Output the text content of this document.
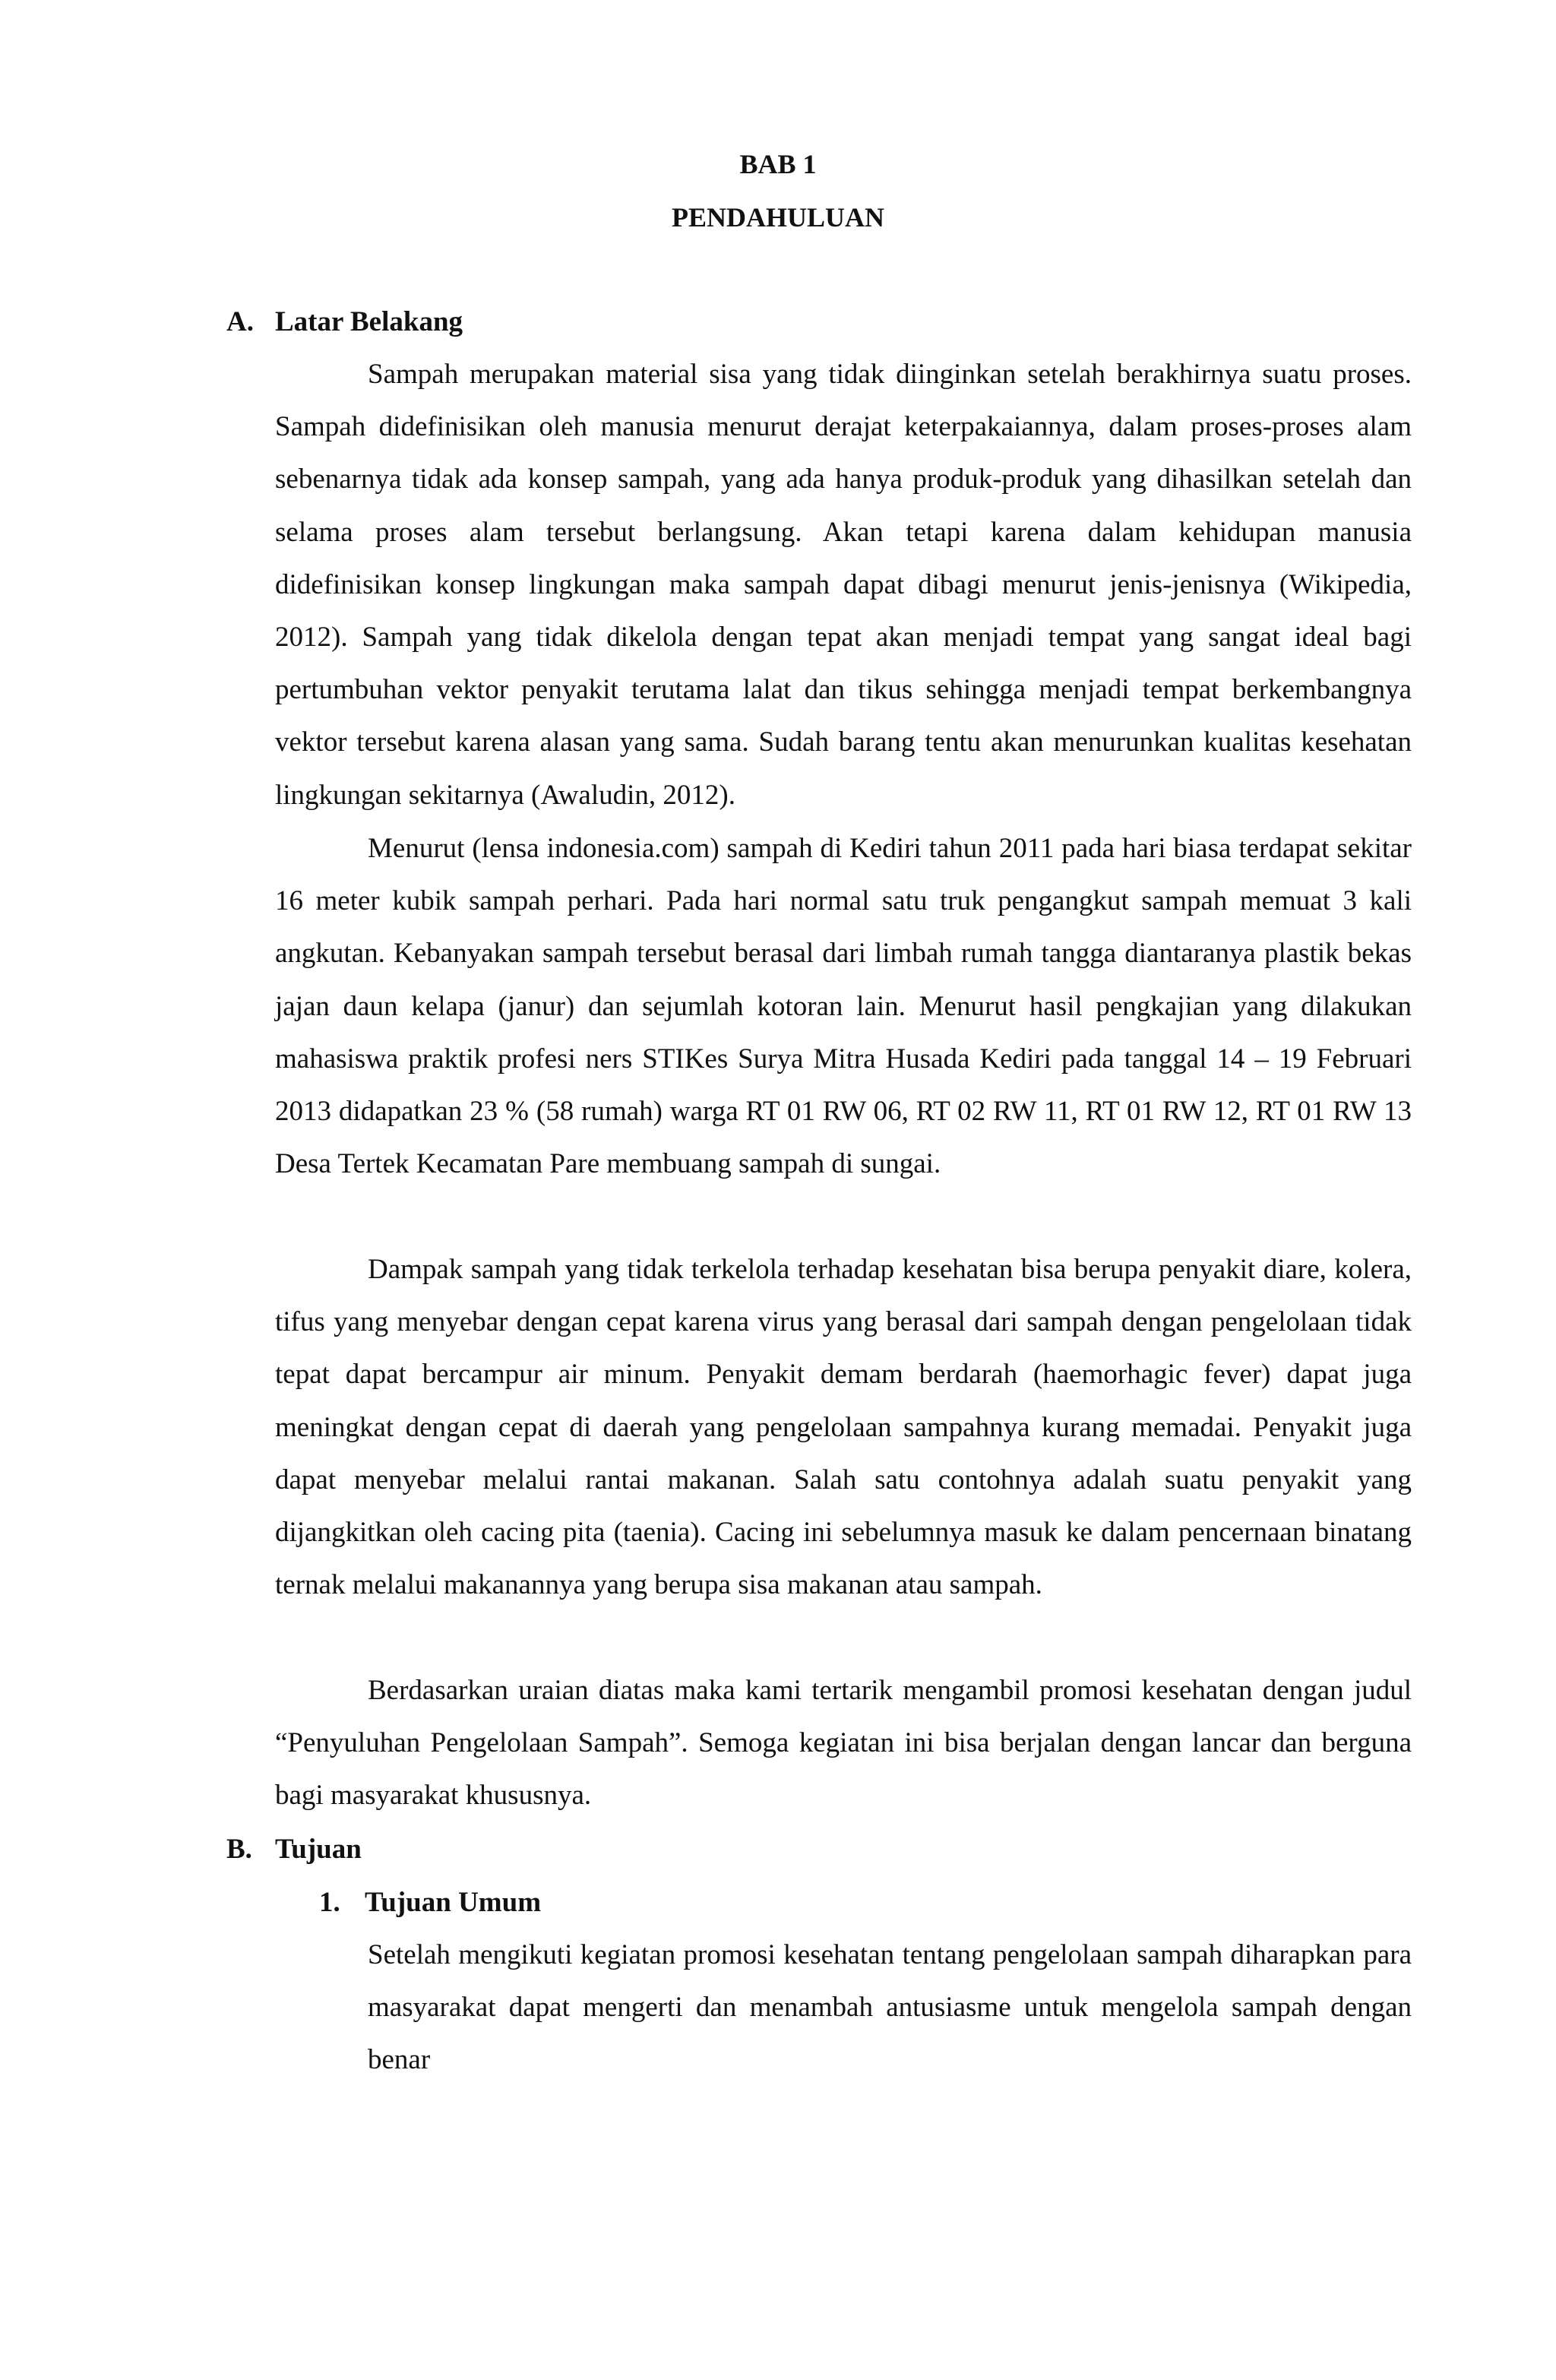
BAB 1
PENDAHULUAN
A. Latar Belakang

Sampah merupakan material sisa yang tidak diinginkan setelah berakhirnya suatu proses. Sampah didefinisikan oleh manusia menurut derajat keterpakaiannya, dalam proses-proses alam sebenarnya tidak ada konsep sampah, yang ada hanya produk-produk yang dihasilkan setelah dan selama proses alam tersebut berlangsung. Akan tetapi karena dalam kehidupan manusia didefinisikan konsep lingkungan maka sampah dapat dibagi menurut jenis-jenisnya (Wikipedia, 2012). Sampah yang tidak dikelola dengan tepat akan menjadi tempat yang sangat ideal bagi pertumbuhan vektor penyakit terutama lalat dan tikus sehingga menjadi tempat berkembangnya vektor tersebut karena alasan yang sama. Sudah barang tentu akan menurunkan kualitas kesehatan lingkungan sekitarnya (Awaludin, 2012).

Menurut (lensa indonesia.com) sampah di Kediri tahun 2011 pada hari biasa terdapat sekitar 16 meter kubik sampah perhari. Pada hari normal satu truk pengangkut sampah memuat 3 kali angkutan. Kebanyakan sampah tersebut berasal dari limbah rumah tangga diantaranya plastik bekas jajan daun kelapa (janur) dan sejumlah kotoran lain. Menurut hasil pengkajian yang dilakukan mahasiswa praktik profesi ners STIKes Surya Mitra Husada Kediri pada tanggal 14 – 19 Februari 2013 didapatkan 23 % (58 rumah) warga RT 01 RW 06, RT 02 RW 11, RT 01 RW 12, RT 01 RW 13 Desa Tertek Kecamatan Pare membuang sampah di sungai.

Dampak sampah yang tidak terkelola terhadap kesehatan bisa berupa penyakit diare, kolera, tifus yang menyebar dengan cepat karena virus yang berasal dari sampah dengan pengelolaan tidak tepat dapat bercampur air minum. Penyakit demam berdarah (haemorhagic fever) dapat juga meningkat dengan cepat di daerah yang pengelolaan sampahnya kurang memadai. Penyakit juga dapat menyebar melalui rantai makanan. Salah satu contohnya adalah suatu penyakit yang dijangkitkan oleh cacing pita (taenia). Cacing ini sebelumnya masuk ke dalam pencernaan binatang ternak melalui makanannya yang berupa sisa makanan atau sampah.

Berdasarkan uraian diatas maka kami tertarik mengambil promosi kesehatan dengan judul “Penyuluhan Pengelolaan Sampah”. Semoga kegiatan ini bisa berjalan dengan lancar dan berguna bagi masyarakat khususnya.

B. Tujuan
1. Tujuan Umum

Setelah mengikuti kegiatan promosi kesehatan tentang pengelolaan sampah diharapkan para masyarakat dapat mengerti dan menambah antusiasme untuk mengelola sampah dengan benar
